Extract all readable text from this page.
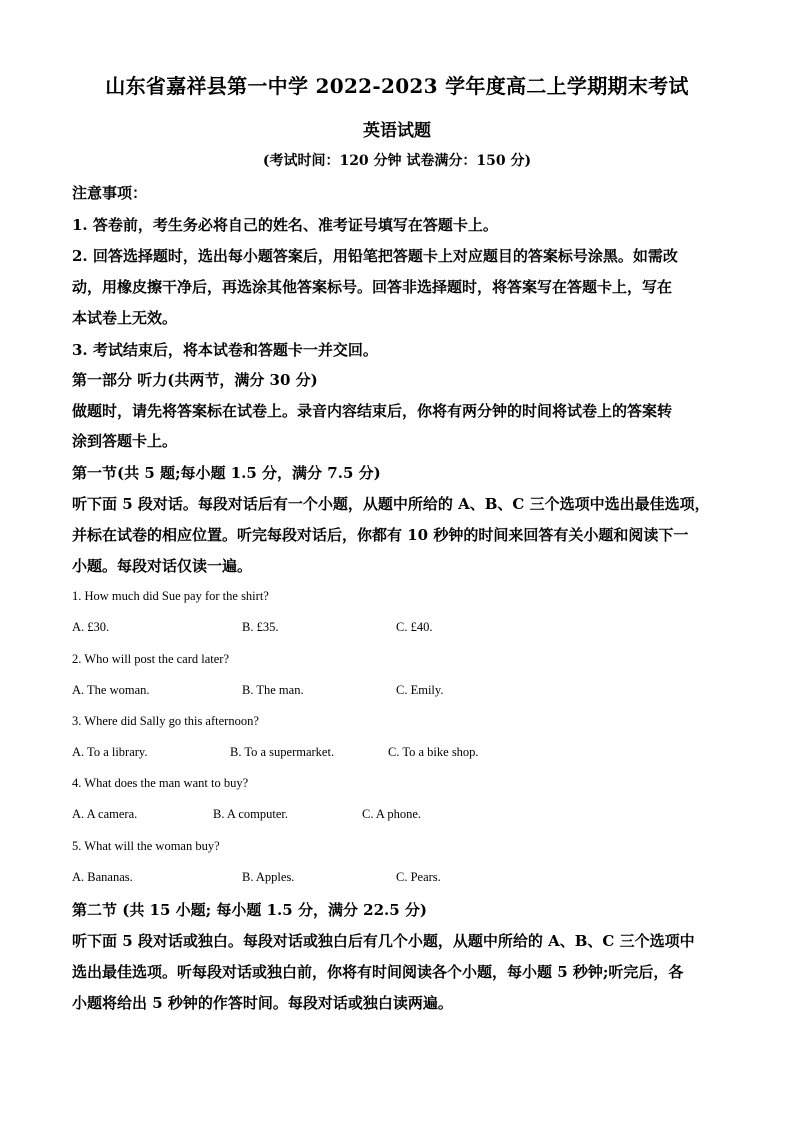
山东省嘉祥县第一中学 2022-2023 学年度高二上学期期末考试
英语试题
(考试时间：120 分钟 试卷满分：150 分)
注意事项：
1. 答卷前，考生务必将自己的姓名、准考证号填写在答题卡上。
2. 回答选择题时，选出每小题答案后，用铅笔把答题卡上对应题目的答案标号涂黑。如需改
动，用橡皮擦干净后，再选涂其他答案标号。回答非选择题时，将答案写在答题卡上，写在
本试卷上无效。
3. 考试结束后，将本试卷和答题卡一并交回。
第一部分 听力(共两节，满分 30 分)
做题时，请先将答案标在试卷上。录音内容结束后，你将有两分钟的时间将试卷上的答案转
涂到答题卡上。
第一节(共 5 题;每小题 1.5 分，满分 7.5 分)
听下面 5 段对话。每段对话后有一个小题，从题中所给的 A、B、C 三个选项中选出最佳选项，
并标在试卷的相应位置。听完每段对话后，你都有 10 秒钟的时间来回答有关小题和阅读下一
小题。每段对话仅读一遍。
1. How much did Sue pay for the shirt?
A. £30.	B. £35.	C. £40.
2. Who will post the card later?
A. The woman.	B. The man.	C. Emily.
3. Where did Sally go this afternoon?
A. To a library.	B. To a supermarket.	C. To a bike shop.
4. What does the man want to buy?
A. A camera.	B. A computer.	C. A phone.
5. What will the woman buy?
A. Bananas.	B. Apples.	C. Pears.
第二节 (共 15 小题; 每小题 1.5 分，满分 22.5 分)
听下面 5 段对话或独白。每段对话或独白后有几个小题，从题中所给的 A、B、C 三个选项中
选出最佳选项。听每段对话或独白前，你将有时间阅读各个小题，每小题 5 秒钟;听完后，各
小题将给出 5 秒钟的作答时间。每段对话或独白读两遍。
